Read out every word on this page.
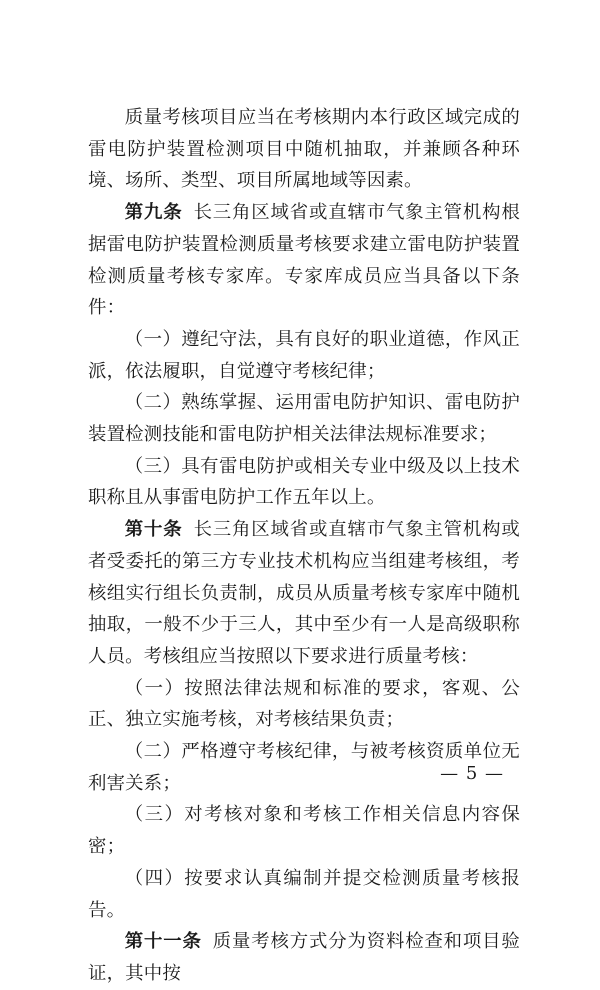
质量考核项目应当在考核期内本行政区域完成的雷电防护装置检测项目中随机抽取，并兼顾各种环境、场所、类型、项目所属地域等因素。

第九条 长三角区域省或直辖市气象主管机构根据雷电防护装置检测质量考核要求建立雷电防护装置检测质量考核专家库。专家库成员应当具备以下条件：

（一）遵纪守法，具有良好的职业道德，作风正派，依法履职，自觉遵守考核纪律；

（二）熟练掌握、运用雷电防护知识、雷电防护装置检测技能和雷电防护相关法律法规标准要求；

（三）具有雷电防护或相关专业中级及以上技术职称且从事雷电防护工作五年以上。

第十条 长三角区域省或直辖市气象主管机构或者受委托的第三方专业技术机构应当组建考核组，考核组实行组长负责制，成员从质量考核专家库中随机抽取，一般不少于三人，其中至少有一人是高级职称人员。考核组应当按照以下要求进行质量考核：

（一）按照法律法规和标准的要求，客观、公正、独立实施考核，对考核结果负责；

（二）严格遵守考核纪律，与被考核资质单位无利害关系；

（三）对考核对象和考核工作相关信息内容保密；

（四）按要求认真编制并提交检测质量考核报告。

第十一条 质量考核方式分为资料检查和项目验证，其中按

— 5 —
